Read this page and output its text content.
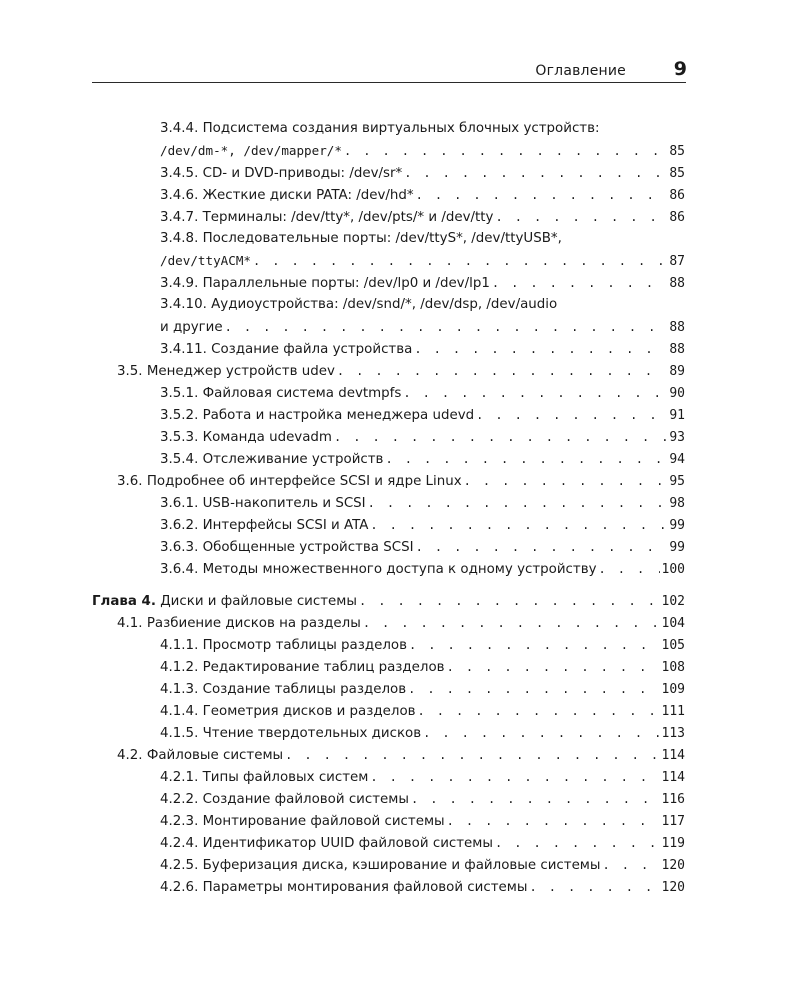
Оглавление	9
3.4.4. Подсистема создания виртуальных блочных устройств:
/dev/dm-*, /dev/mapper/* . . .	85
3.4.5. CD- и DVD-приводы: /dev/sr* . . .	85
3.4.6. Жесткие диски PATA: /dev/hd* . . .	86
3.4.7. Терминалы: /dev/tty*, /dev/pts/* и /dev/tty . . .	86
3.4.8. Последовательные порты: /dev/ttyS*, /dev/ttyUSB*,
/dev/ttyACM* . . .	87
3.4.9. Параллельные порты: /dev/lp0 и /dev/lp1 . . .	88
3.4.10. Аудиоустройства: /dev/snd/*, /dev/dsp, /dev/audio
и другие . . .	88
3.4.11. Создание файла устройства . . .	88
3.5. Менеджер устройств udev . . .	89
3.5.1. Файловая система devtmpfs . . .	90
3.5.2. Работа и настройка менеджера udevd . . .	91
3.5.3. Команда udevadm . . .	93
3.5.4. Отслеживание устройств . . .	94
3.6. Подробнее об интерфейсе SCSI и ядре Linux . . .	95
3.6.1. USB-накопитель и SCSI . . .	98
3.6.2. Интерфейсы SCSI и ATA . . .	99
3.6.3. Обобщенные устройства SCSI . . .	99
3.6.4. Методы множественного доступа к одному устройству . . .	100
Глава 4. Диски и файловые системы . . .	102
4.1. Разбиение дисков на разделы . . .	104
4.1.1. Просмотр таблицы разделов . . .	105
4.1.2. Редактирование таблиц разделов . . .	108
4.1.3. Создание таблицы разделов . . .	109
4.1.4. Геометрия дисков и разделов . . .	111
4.1.5. Чтение твердотельных дисков . . .	113
4.2. Файловые системы . . .	114
4.2.1. Типы файловых систем . . .	114
4.2.2. Создание файловой системы . . .	116
4.2.3. Монтирование файловой системы . . .	117
4.2.4. Идентификатор UUID файловой системы . . .	119
4.2.5. Буферизация диска, кэширование и файловые системы . . .	120
4.2.6. Параметры монтирования файловой системы . . .	120
